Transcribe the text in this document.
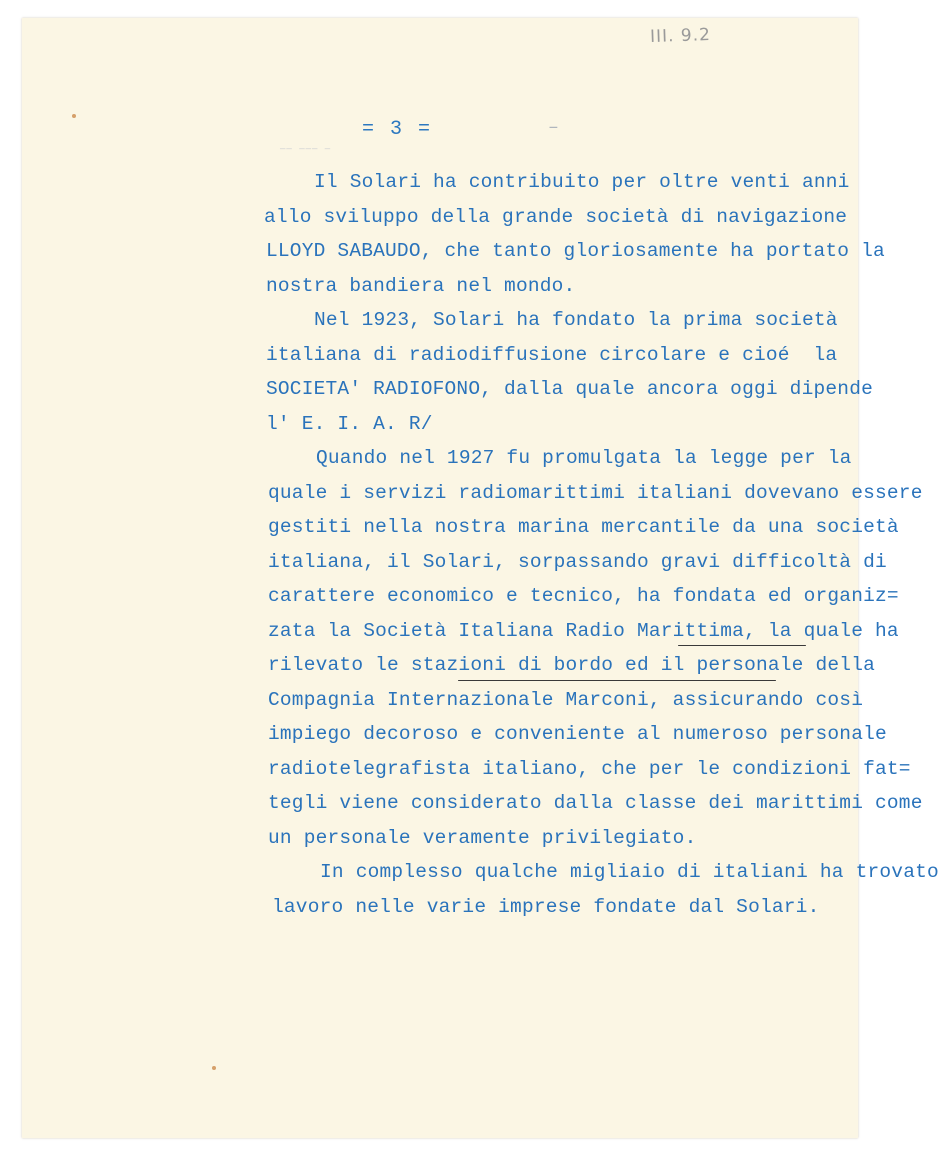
III. 9.2
= 3 =	–
—— ——— —
Il Solari ha contribuito per oltre venti anni
allo sviluppo della grande società di navigazione
LLOYD SABAUDO, che tanto gloriosamente ha portato la
nostra bandiera nel mondo.
Nel 1923, Solari ha fondato la prima società
italiana di radiodiffusione circolare e cioé  la
SOCIETA' RADIOFONO, dalla quale ancora oggi dipende
l' E. I. A. R/
Quando nel 1927 fu promulgata la legge per la
quale i servizi radiomarittimi italiani dovevano essere
gestiti nella nostra marina mercantile da una società
italiana, il Solari, sorpassando gravi difficoltà di
carattere economico e tecnico, ha fondata ed organiz=
zata la Società Italiana Radio Marittima, la quale ha
rilevato le stazioni di bordo ed il personale della
Compagnia Internazionale Marconi, assicurando così
impiego decoroso e conveniente al numeroso personale
radiotelegrafista italiano, che per le condizioni fat=
tegli viene considerato dalla classe dei marittimi come
un personale veramente privilegiato.
In complesso qualche migliaio di italiani ha trovato
lavoro nelle varie imprese fondate dal Solari.
